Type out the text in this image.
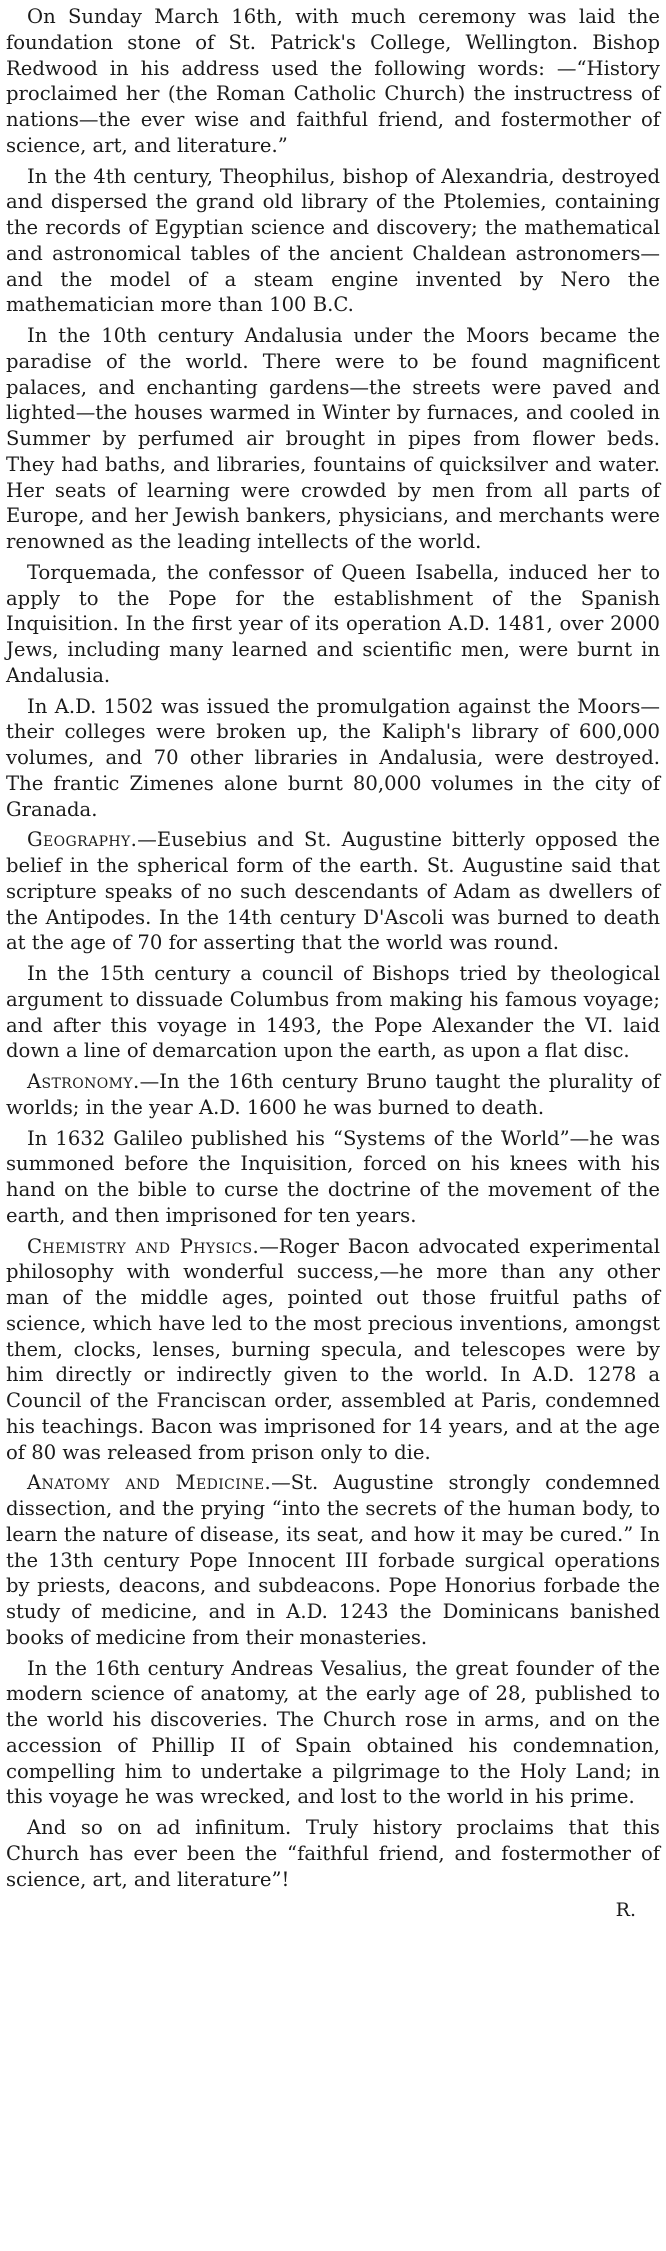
On Sunday March 16th, with much ceremony was laid the foundation stone of St. Patrick's College, Wellington. Bishop Redwood in his address used the following words: —“History proclaimed her (the Roman Catholic Church) the instructress of nations—the ever wise and faithful friend, and fostermother of science, art, and literature.”

In the 4th century, Theophilus, bishop of Alexandria, destroyed and dispersed the grand old library of the Ptolemies, containing the records of Egyptian science and discovery; the mathematical and astronomical tables of the ancient Chaldean astronomers—and the model of a steam engine invented by Nero the mathematician more than 100 B.C.

In the 10th century Andalusia under the Moors became the paradise of the world. There were to be found magnificent palaces, and enchanting gardens—the streets were paved and lighted—the houses warmed in Winter by furnaces, and cooled in Summer by perfumed air brought in pipes from flower beds. They had baths, and libraries, fountains of quicksilver and water. Her seats of learning were crowded by men from all parts of Europe, and her Jewish bankers, physicians, and merchants were renowned as the leading intellects of the world.

Torquemada, the confessor of Queen Isabella, induced her to apply to the Pope for the establishment of the Spanish Inquisition. In the first year of its operation A.D. 1481, over 2000 Jews, including many learned and scientific men, were burnt in Andalusia.

In A.D. 1502 was issued the promulgation against the Moors—their colleges were broken up, the Kaliph's library of 600,000 volumes, and 70 other libraries in Andalusia, were destroyed. The frantic Zimenes alone burnt 80,000 volumes in the city of Granada.

Geography.—Eusebius and St. Augustine bitterly opposed the belief in the spherical form of the earth. St. Augustine said that scripture speaks of no such descendants of Adam as dwellers of the Antipodes. In the 14th century D'Ascoli was burned to death at the age of 70 for asserting that the world was round.

In the 15th century a council of Bishops tried by theological argument to dissuade Columbus from making his famous voyage; and after this voyage in 1493, the Pope Alexander the VI. laid down a line of demarcation upon the earth, as upon a flat disc.

Astronomy.—In the 16th century Bruno taught the plurality of worlds; in the year A.D. 1600 he was burned to death.

In 1632 Galileo published his “Systems of the World”—he was summoned before the Inquisition, forced on his knees with his hand on the bible to curse the doctrine of the movement of the earth, and then imprisoned for ten years.

Chemistry and Physics.—Roger Bacon advocated experimental philosophy with wonderful success,—he more than any other man of the middle ages, pointed out those fruitful paths of science, which have led to the most precious inventions, amongst them, clocks, lenses, burning specula, and telescopes were by him directly or indirectly given to the world. In A.D. 1278 a Council of the Franciscan order, assembled at Paris, condemned his teachings. Bacon was imprisoned for 14 years, and at the age of 80 was released from prison only to die.

Anatomy and Medicine.—St. Augustine strongly condemned dissection, and the prying “into the secrets of the human body, to learn the nature of disease, its seat, and how it may be cured.” In the 13th century Pope Innocent III forbade surgical operations by priests, deacons, and subdeacons. Pope Honorius forbade the study of medicine, and in A.D. 1243 the Dominicans banished books of medicine from their monasteries.

In the 16th century Andreas Vesalius, the great founder of the modern science of anatomy, at the early age of 28, published to the world his discoveries. The Church rose in arms, and on the accession of Phillip II of Spain obtained his condemnation, compelling him to undertake a pilgrimage to the Holy Land; in this voyage he was wrecked, and lost to the world in his prime.

And so on ad infinitum. Truly history proclaims that this Church has ever been the “faithful friend, and fostermother of science, art, and literature”!

R.
